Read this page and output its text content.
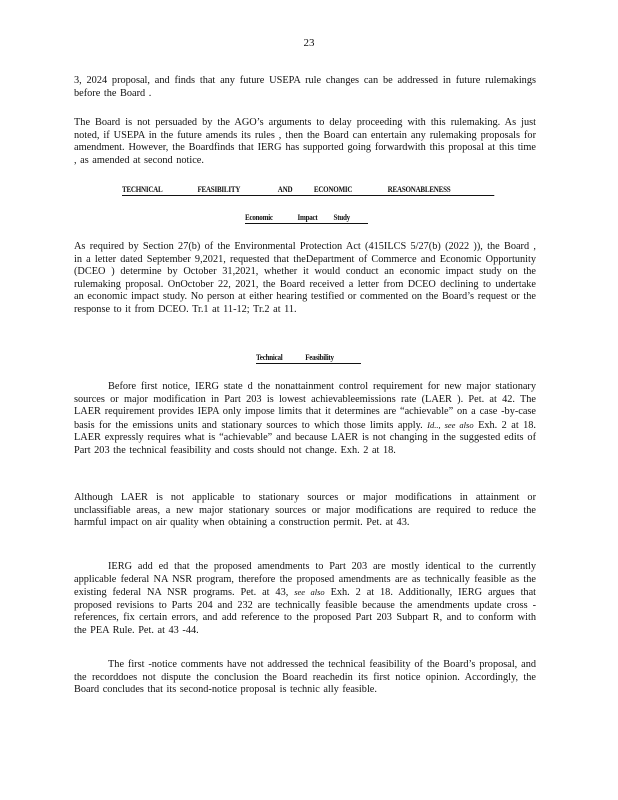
23

3, 2024 proposal, and finds that any future USEPA rule changes can be addressed in future rulemakings before the Board .

The Board is not persuaded by the AGO’s arguments to delay proceeding with this rulemaking. As just noted, if USEPA in the future amends its rules , then the Board can entertain any rulemaking proposals for amendment. However, the Boardfinds that IERG has supported going forwardwith this proposal at this time , as amended at second notice.

TECHNICAL	FEASIBILITY	AND	ECONOMIC	REASONABLENESS
Economic	Impact Study

As required by Section 27(b) of the Environmental Protection Act (415ILCS 5/27(b) (2022 )), the Board , in a letter dated September 9,2021, requested that theDepartment of Commerce and Economic Opportunity (DCEO ) determine by October 31,2021, whether it would conduct an economic impact study on the rulemaking proposal. OnOctober 22, 2021, the Board received a letter from DCEO declining to undertake an economic impact study. No person at either hearing testified or commented on the Board’s request or the response to it from DCEO. Tr.1 at 11-12; Tr.2 at 11.

Technical	Feasibility

Before first notice, IERG state d the nonattainment control requirement for new major stationary sources or major modification in Part 203 is lowest achievableemissions rate (LAER ). Pet. at 42. The LAER requirement provides IEPA only impose limits that it determines are “achievable” on a case -by-case basis for the emissions units and stationary sources to which those limits apply. Id.., see also Exh. 2 at 18. LAER expressly requires what is “achievable” and because LAER is not changing in the suggested edits of Part 203 the technical feasibility and costs should not change. Exh. 2 at 18.

Although LAER is not applicable to stationary sources or major modifications in attainment or unclassifiable areas, a new major stationary sources or major modifications are required to reduce the harmful impact on air quality when obtaining a construction permit. Pet. at 43.

IERG add ed that the proposed amendments to Part 203 are mostly identical to the currently applicable federal NA NSR program, therefore the proposed amendments are as technically feasible as the existing federal NA NSR programs. Pet. at 43, see also Exh. 2 at 18. Additionally, IERG argues that proposed revisions to Parts 204 and 232 are technically feasible because the amendments update cross - references, fix certain errors, and add reference to the proposed Part 203 Subpart R, and to conform with the PEA Rule. Pet. at 43 -44.

The first -notice comments have not addressed the technical feasibility of the Board’s proposal, and the recorddoes not dispute the conclusion the Board reachedin its first notice opinion. Accordingly, the Board concludes that its second-notice proposal is technic ally feasible.
